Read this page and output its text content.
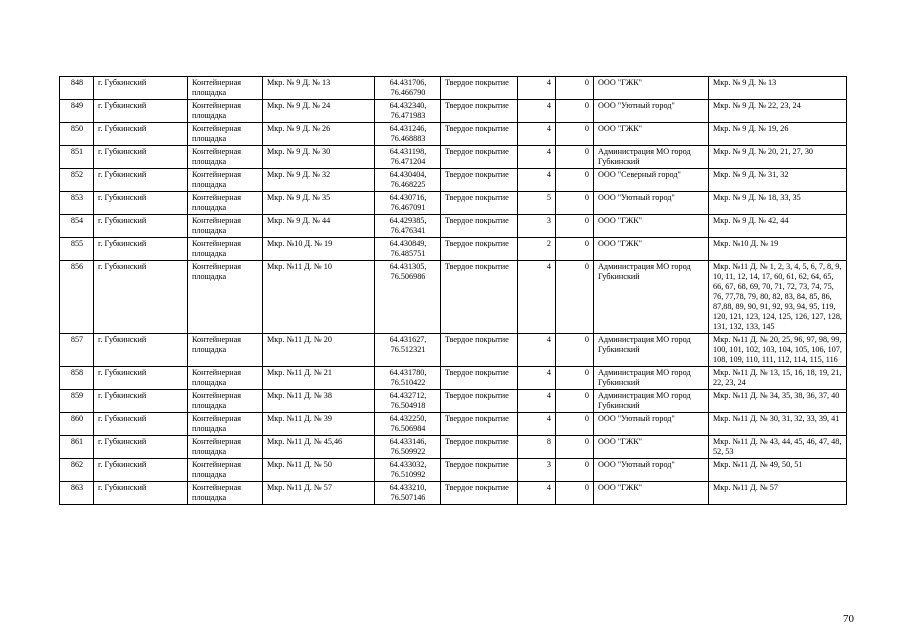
848	г. Губкинский	Контейнерная площадка	Мкр. № 9 Д. № 13	64.431706, 76.466790	Твердое покрытие	4	0	ООО "ГЖК"	Мкр. № 9 Д. № 13
849	г. Губкинский	Контейнерная площадка	Мкр. № 9 Д. № 24	64.432340, 76.471983	Твердое покрытие	4	0	ООО "Уютный город"	Мкр. № 9 Д. № 22, 23, 24
850	г. Губкинский	Контейнерная площадка	Мкр. № 9 Д. № 26	64.431246, 76.468883	Твердое покрытие	4	0	ООО "ГЖК"	Мкр. № 9 Д. № 19, 26
851	г. Губкинский	Контейнерная площадка	Мкр. № 9 Д. № 30	64.431198, 76.471204	Твердое покрытие	4	0	Администрация МО город Губкинский	Мкр. № 9 Д. № 20, 21, 27, 30
852	г. Губкинский	Контейнерная площадка	Мкр. № 9 Д. № 32	64.430404, 76.468225	Твердое покрытие	4	0	ООО "Северный город"	Мкр. № 9 Д. № 31, 32
853	г. Губкинский	Контейнерная площадка	Мкр. № 9 Д. № 35	64.430716, 76.467091	Твердое покрытие	5	0	ООО "Уютный город"	Мкр. № 9 Д. № 18, 33, 35
854	г. Губкинский	Контейнерная площадка	Мкр. № 9 Д. № 44	64.429385, 76.476341	Твердое покрытие	3	0	ООО "ГЖК"	Мкр. № 9 Д. № 42, 44
855	г. Губкинский	Контейнерная площадка	Мкр. №10 Д. № 19	64.430849, 76.485751	Твердое покрытие	2	0	ООО "ГЖК"	Мкр. №10 Д. № 19
856	г. Губкинский	Контейнерная площадка	Мкр. №11 Д. № 10	64.431305, 76.506986	Твердое покрытие	4	0	Администрация МО город Губкинский	Мкр. №11 Д. № 1, 2, 3, 4, 5, 6, 7, 8, 9, 10, 11, 12, 14, 17, 60, 61, 62, 64, 65, 66, 67, 68, 69, 70, 71, 72, 73, 74, 75, 76, 77,78, 79, 80, 82, 83, 84, 85, 86, 87,88, 89, 90, 91, 92, 93, 94, 95, 119, 120, 121, 123, 124, 125, 126, 127, 128, 131, 132, 133, 145
857	г. Губкинский	Контейнерная площадка	Мкр. №11 Д. № 20	64.431627, 76.512321	Твердое покрытие	4	0	Администрация МО город Губкинский	Мкр. №11 Д. № 20, 25, 96, 97, 98, 99, 100, 101, 102, 103, 104, 105, 106, 107, 108, 109, 110, 111, 112, 114, 115, 116
858	г. Губкинский	Контейнерная площадка	Мкр. №11 Д. № 21	64.431780, 76.510422	Твердое покрытие	4	0	Администрация МО город Губкинский	Мкр. №11 Д. № 13, 15, 16, 18, 19, 21, 22, 23, 24
859	г. Губкинский	Контейнерная площадка	Мкр. №11 Д. № 38	64.432712, 76.504918	Твердое покрытие	4	0	Администрация МО город Губкинский	Мкр. №11 Д. № 34, 35, 38, 36, 37, 40
860	г. Губкинский	Контейнерная площадка	Мкр. №11 Д. № 39	64.432250, 76.506984	Твердое покрытие	4	0	ООО "Уютный город"	Мкр. №11 Д. № 30, 31, 32, 33, 39, 41
861	г. Губкинский	Контейнерная площадка	Мкр. №11 Д. № 45,46	64.433146, 76.509922	Твердое покрытие	8	0	ООО "ГЖК"	Мкр. №11 Д. № 43, 44, 45, 46, 47, 48, 52, 53
862	г. Губкинский	Контейнерная площадка	Мкр. №11 Д. № 50	64.433032, 76.510992	Твердое покрытие	3	0	ООО "Уютный город"	Мкр. №11 Д. № 49, 50, 51
863	г. Губкинский	Контейнерная площадка	Мкр. №11 Д. № 57	64.433210, 76.507146	Твердое покрытие	4	0	ООО "ГЖК"	Мкр. №11 Д. № 57
70
